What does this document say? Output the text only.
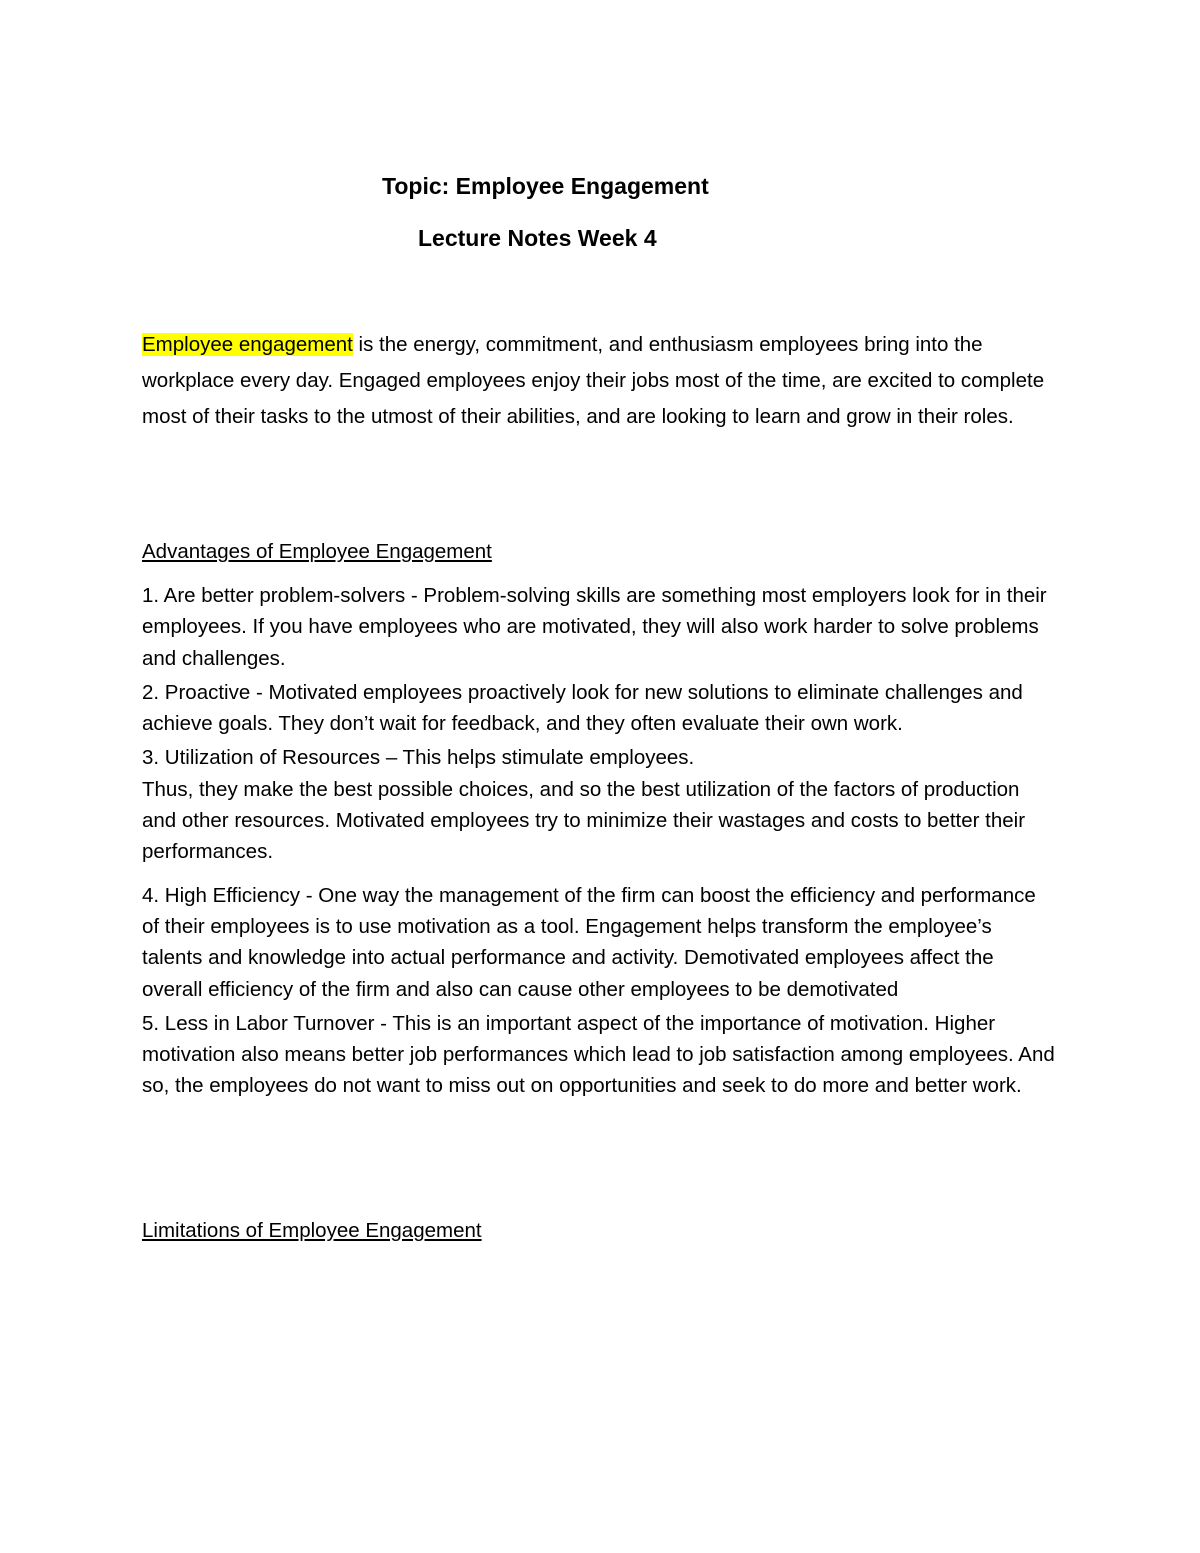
Topic: Employee Engagement
Lecture Notes Week 4
Employee engagement is the energy, commitment, and enthusiasm employees bring into the workplace every day. Engaged employees enjoy their jobs most of the time, are excited to complete most of their tasks to the utmost of their abilities, and are looking to learn and grow in their roles.
Advantages of Employee Engagement

1. Are better problem-solvers - Problem-solving skills are something most employers look for in their employees. If you have employees who are motivated, they will also work harder to solve problems and challenges.

2. Proactive - Motivated employees proactively look for new solutions to eliminate challenges and achieve goals. They don’t wait for feedback, and they often evaluate their own work.

3. Utilization of Resources – This helps stimulate employees.

Thus, they make the best possible choices, and so the best utilization of the factors of production and other resources. Motivated employees try to minimize their wastages and costs to better their performances.

4. High Efficiency - One way the management of the firm can boost the efficiency and performance of their employees is to use motivation as a tool. Engagement helps transform the employee’s talents and knowledge into actual performance and activity. Demotivated employees affect the overall efficiency of the firm and also can cause other employees to be demotivated

5. Less in Labor Turnover - This is an important aspect of the importance of motivation. Higher motivation also means better job performances which lead to job satisfaction among employees. And so, the employees do not want to miss out on opportunities and seek to do more and better work.

Limitations of Employee Engagement
